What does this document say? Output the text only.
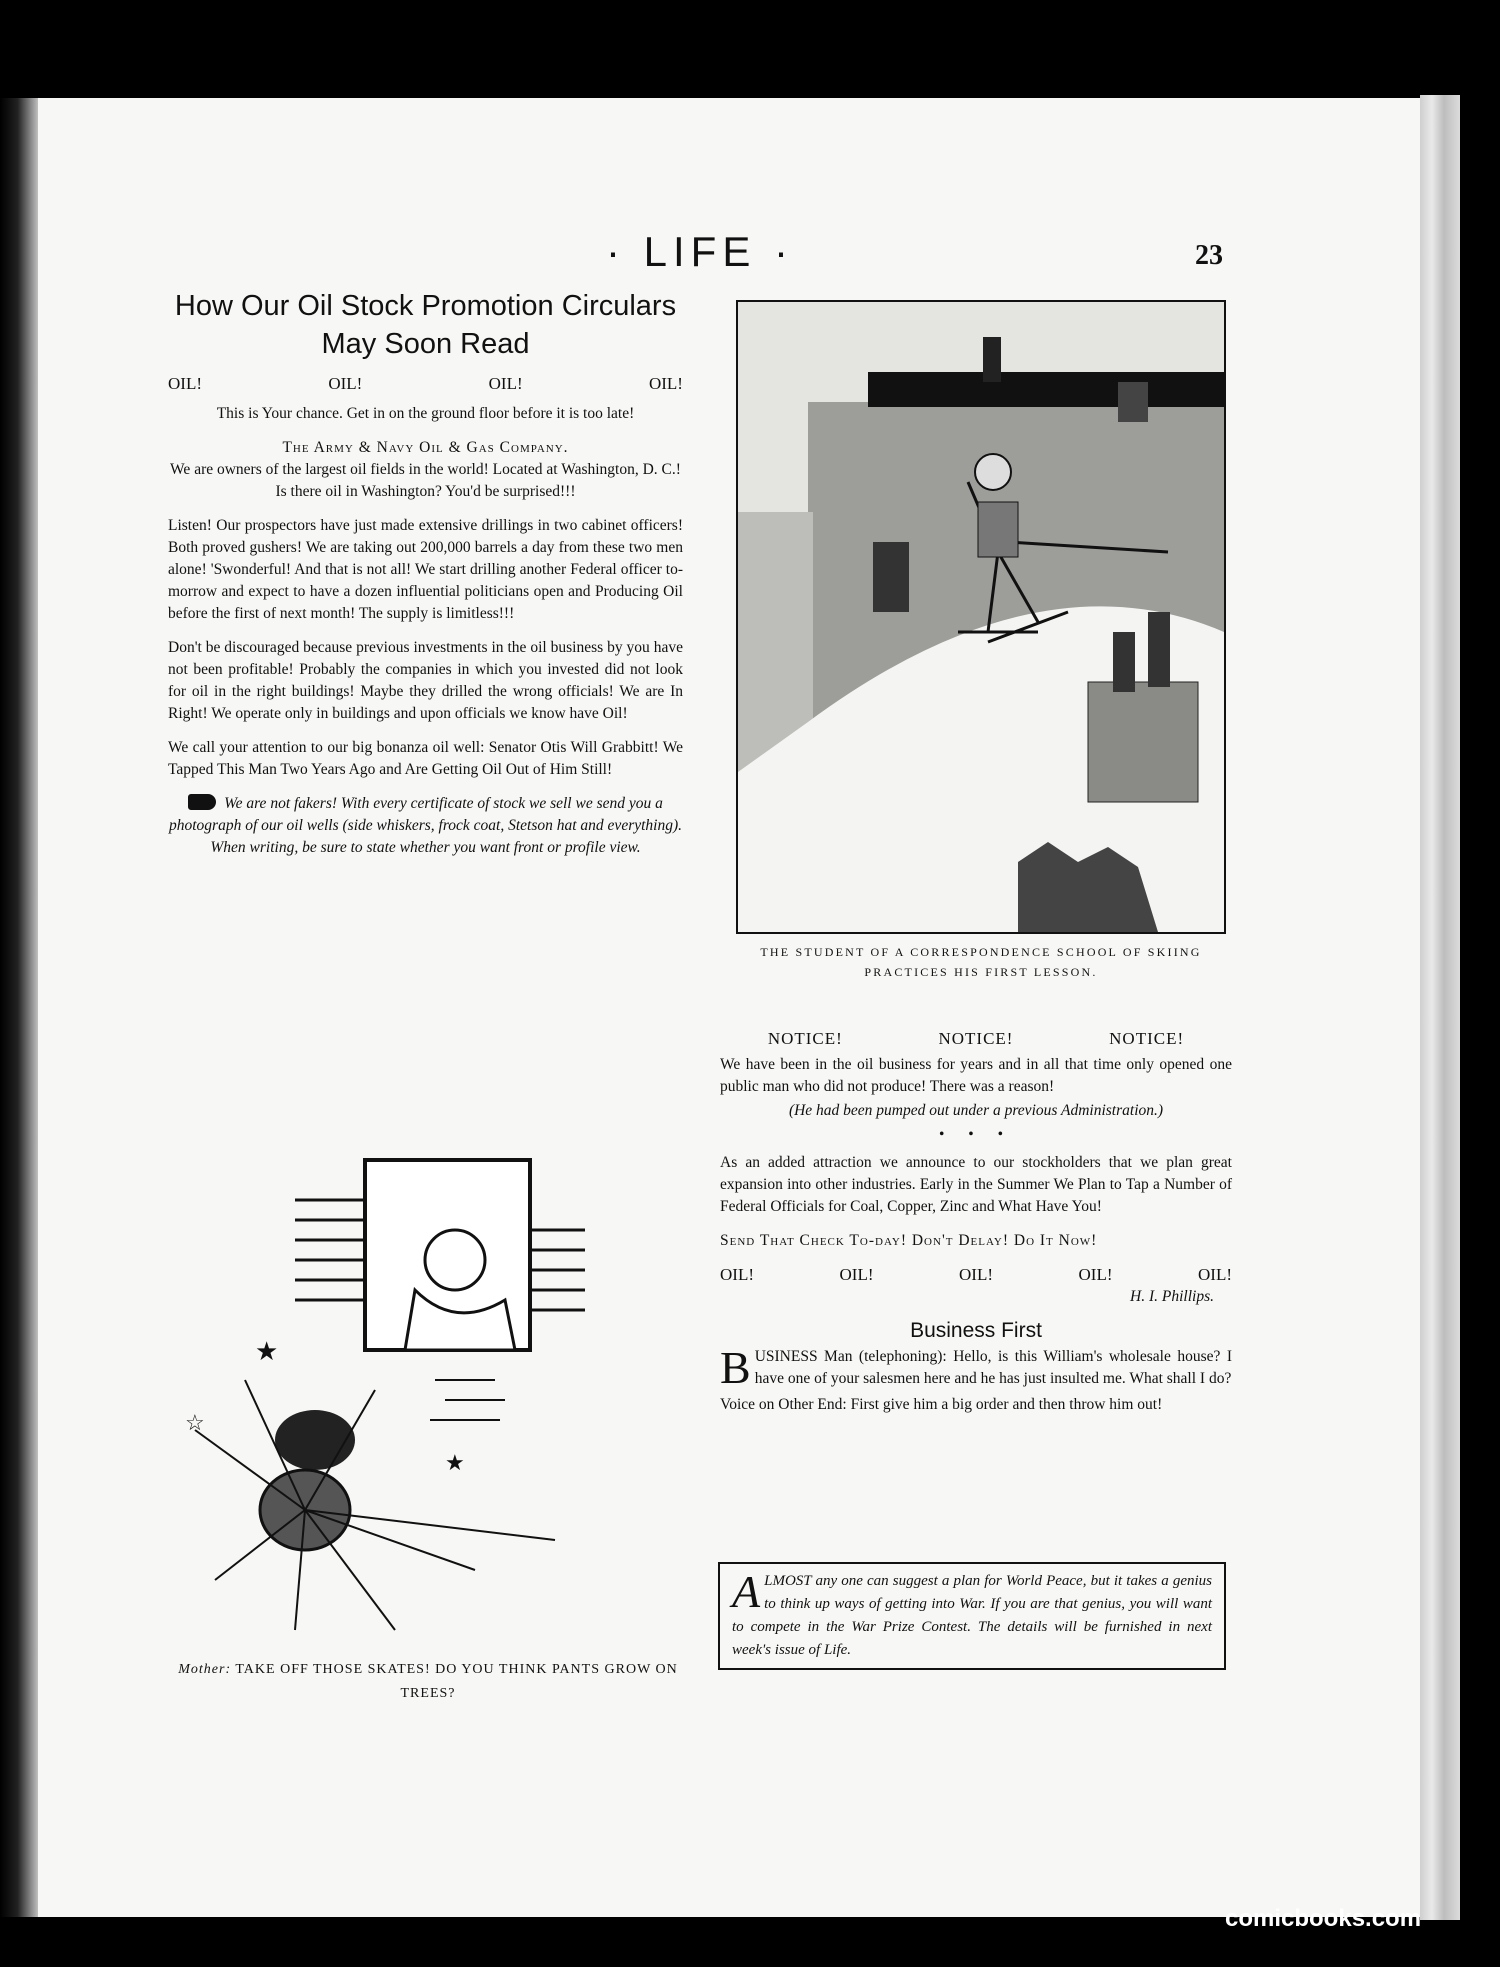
· LIFE ·	23
How Our Oil Stock Promotion Circulars May Soon Read
OIL!	OIL!	OIL!	OIL!

This is Your chance. Get in on the ground floor before it is too late!

The Army & Navy Oil & Gas Company.

We are owners of the largest oil fields in the world! Located at Washington, D. C.! Is there oil in Washington? You'd be surprised!!!

Listen! Our prospectors have just made extensive drillings in two cabinet officers! Both proved gushers! We are taking out 200,000 barrels a day from these two men alone! 'Swonderful! And that is not all! We start drilling another Federal officer to-morrow and expect to have a dozen influential politicians open and Producing Oil before the first of next month! The supply is limitless!!!

Don't be discouraged because previous investments in the oil business by you have not been profitable! Probably the companies in which you invested did not look for oil in the right buildings! Maybe they drilled the wrong officials! We are In Right! We operate only in buildings and upon officials we know have Oil!

We call your attention to our big bonanza oil well: Senator Otis Will Grabbitt! We Tapped This Man Two Years Ago and Are Getting Oil Out of Him Still!

We are not fakers! With every certificate of stock we sell we send you a photograph of our oil wells (side whiskers, frock coat, Stetson hat and everything). When writing, be sure to state whether you want front or profile view.

THE STUDENT OF A CORRESPONDENCE SCHOOL OF SKIING PRACTICES HIS FIRST LESSON.
NOTICE!	NOTICE!	NOTICE!

We have been in the oil business for years and in all that time only opened one public man who did not produce! There was a reason!

(He had been pumped out under a previous Administration.)

• • •

As an added attraction we announce to our stockholders that we plan great expansion into other industries. Early in the Summer We Plan to Tap a Number of Federal Officials for Coal, Copper, Zinc and What Have You!

Send That Check To-day! Don't Delay! Do It Now!

OIL!	OIL!	OIL!	OIL!	OIL!
H. I. Phillips.
Business First

BUSINESS Man (telephoning): Hello, is this William's wholesale house? I have one of your salesmen here and he has just insulted me. What shall I do?

Voice on Other End: First give him a big order and then throw him out!

ALMOST any one can suggest a plan for World Peace, but it takes a genius to think up ways of getting into War. If you are that genius, you will want to compete in the War Prize Contest. The details will be furnished in next week's issue of Life.
★
☆
★
Mother: TAKE OFF THOSE SKATES! DO YOU THINK PANTS GROW ON TREES?
comicbooks.com
